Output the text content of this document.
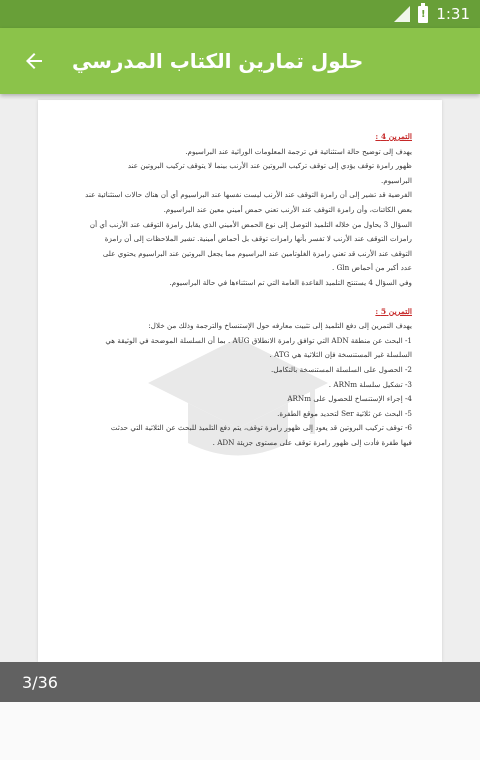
! 1:31
حلول تمارين الكتاب المدرسي

التمرين 4 :

يهدف إلى توضيح حالة استثنائية في ترجمة المعلومات الوراثية عند البراسيوم.

ظهور رامزة توقف يؤدي إلى توقف تركيب البروتين عند الأرنب بينما لا يتوقف تركيب البروتين عند

البراسيوم.

الفرضية قد تشير إلى أن رامزة التوقف عند الأرنب ليست نفسها عند البراسيوم أي أن هناك حالات استثنائية عند

بعض الكائنات، وأن رامزة التوقف عند الأرنب تعني حمض أميني معين عند البراسيوم.

السؤال 3 يحاول من خلاله التلميذ التوصل إلى نوع الحمض الأميني الذي يقابل رامزة التوقف عند الأرنب أي أن

رامزات التوقف عند الأرنب لا تفسر بأنها رامزات توقف بل أحماض أمينية. تشير الملاحظات إلى أن رامزة

التوقف عند الأرنب قد تعني رامزة الغلوتامين عند البراسيوم مما يجعل البروتين عند البراسيوم يحتوي على

عدد أكبر من أحماض Gln .

وفي السؤال 4 يستنتج التلميذ القاعدة العامة التي تم استثناءها في حالة البراسيوم.

التمرين 5 :

يهدف التمرين إلى دفع التلميذ إلى تثبيت معارفه حول الإستنساخ والترجمة وذلك من خلال:

1- البحث عن منطقة ADN التي توافق رامزة الانطلاق AUG . بما أن السلسلة الموضحة في الوثيقة هي

السلسلة غير المستنسخة فإن الثلاثية هي ATG .

2- الحصول على السلسلة المستنسخة بالتكامل.

3- تشكيل سلسلة ARNm .

4- إجراء الإستنساخ للحصول على ARNm

5- البحث عن ثلاثية Ser لتحديد موقع الطفرة.

6- توقف تركيب البروتين قد يعود إلى ظهور رامزة توقف، يتم دفع التلميذ للبحث عن الثلاثية التي حدثت

فيها طفرة فأدت إلى ظهور رامزة توقف على مستوى جزيئة ADN .

3/36
